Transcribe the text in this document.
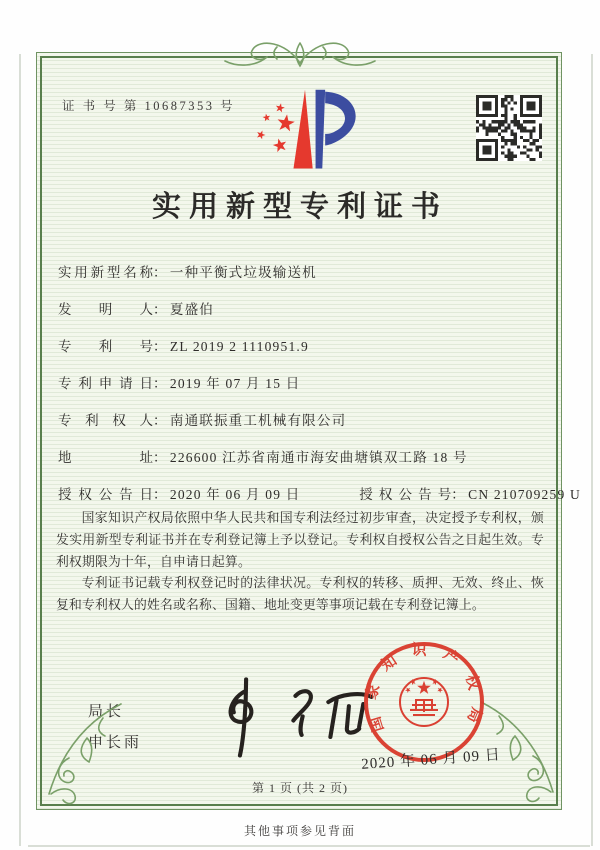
证 书 号 第 10687353 号
实用新型专利证书
实用新型名称： 一种平衡式垃圾输送机
发明人： 夏盛伯
专利号： ZL 2019 2 1110951.9
专利申请日： 2019 年 07 月 15 日
专利权人： 南通联振重工机械有限公司
地址： 226600 江苏省南通市海安曲塘镇双工路 18 号
授权公告日： 2020 年 06 月 09 日	授权公告号： CN 210709259 U

国家知识产权局依照中华人民共和国专利法经过初步审查，决定授予专利权，颁发实用新型专利证书并在专利登记簿上予以登记。专利权自授权公告之日起生效。专利权期限为十年，自申请日起算。

专利证书记载专利权登记时的法律状况。专利权的转移、质押、无效、终止、恢复和专利权人的姓名或名称、国籍、地址变更等事项记载在专利登记簿上。

局长
申长雨
国家知识产权局
2020 年 06 月 09 日
第 1 页 (共 2 页)
其他事项参见背面
